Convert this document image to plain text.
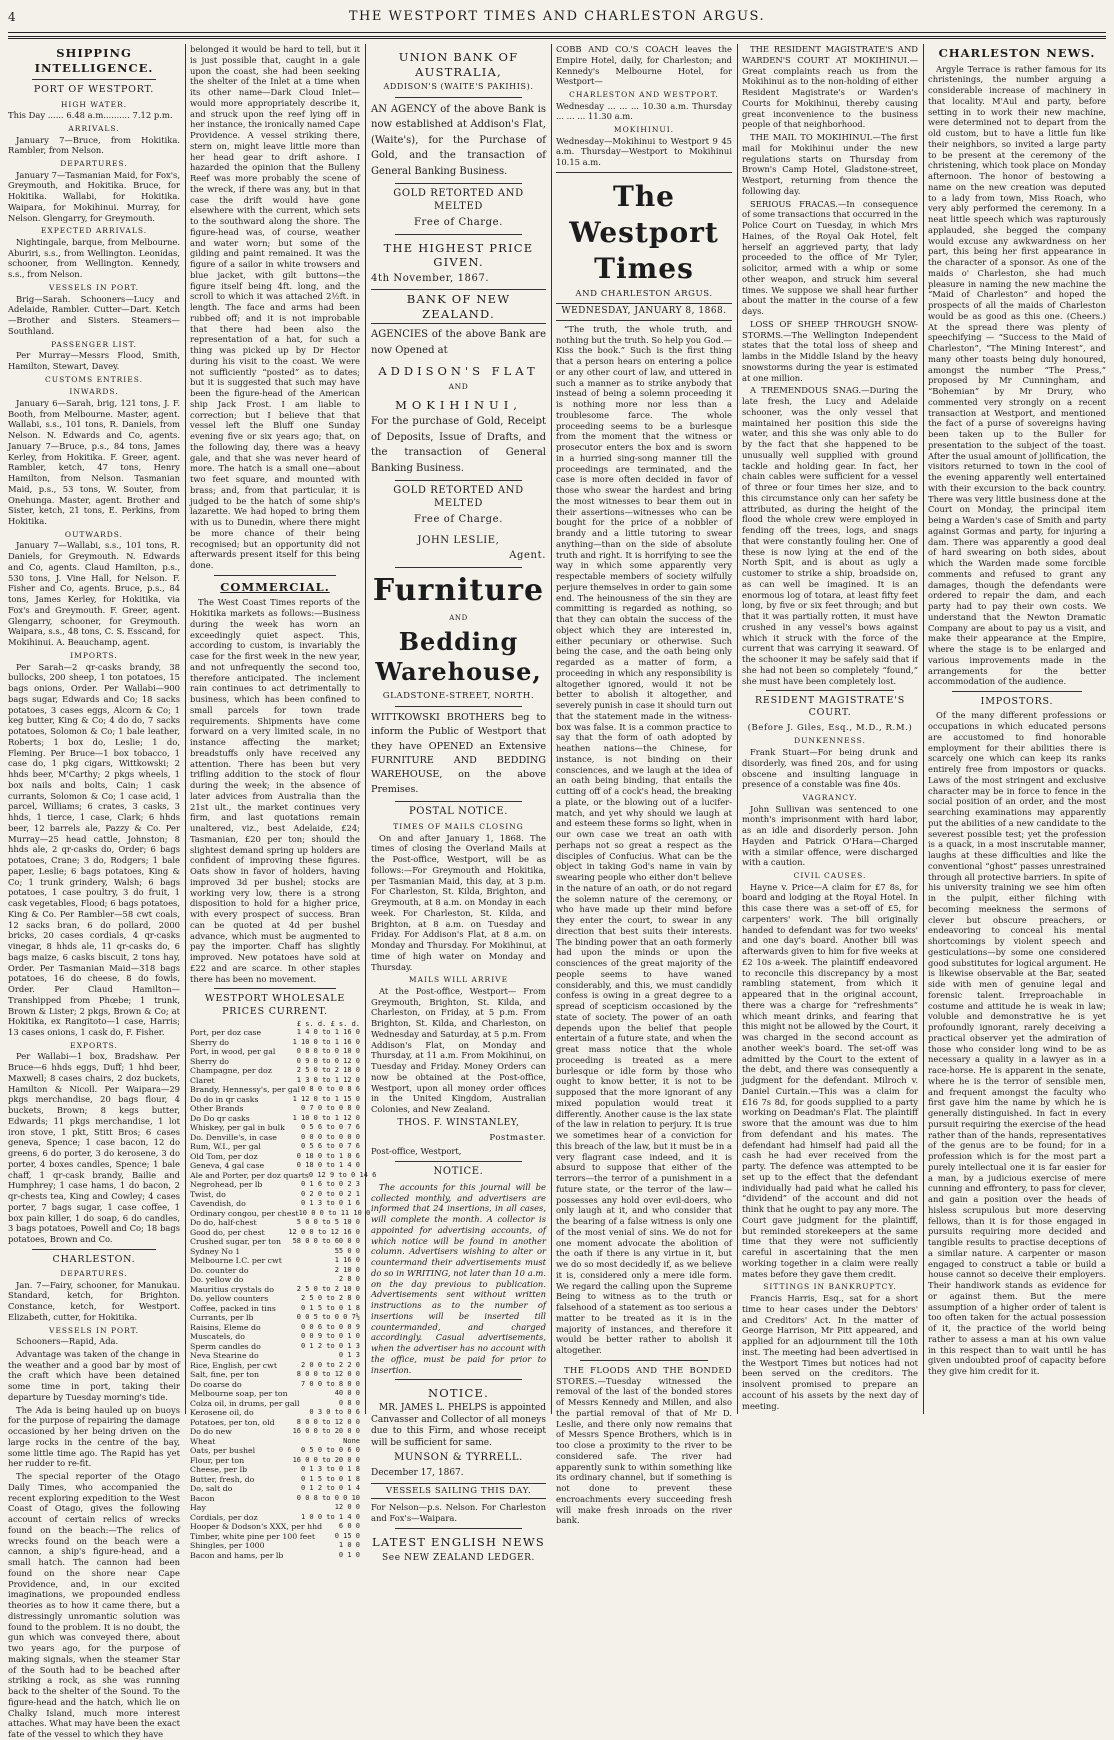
4	THE WESTPORT TIMES AND CHARLESTON ARGUS.
SHIPPING INTELLIGENCE.
PORT OF WESTPORT.
HIGH WATER.

This Day ...... 6.48 a.m.......... 7.12 p.m.

ARRIVALS.

January 7—Bruce, from Hokitika. Rambler, from Nelson.

DEPARTURES.

January 7—Tasmanian Maid, for Fox's, Greymouth, and Hokitika. Bruce, for Hokitika. Wallabi, for Hokitika. Waipara, for Mokihinui. Murray, for Nelson. Glengarry, for Greymouth.

EXPECTED ARRIVALS.

Nightingale, barque, from Melbourne. Aburiri, s.s., from Wellington. Leonidas, schooner, from Wellington. Kennedy, s.s., from Nelson.

VESSELS IN PORT.

Brig—Sarah. Schooners—Lucy and Adelaide, Rambler. Cutter—Dart. Ketch—Brother and Sisters. Steamers—Southland.

PASSENGER LIST.

Per Murray—Messrs Flood, Smith, Hamilton, Stewart, Davey.

CUSTOMS ENTRIES.
INWARDS.

January 6—Sarah, brig, 121 tons, J. F. Booth, from Melbourne. Master, agent. Wallabi, s.s., 101 tons, R. Daniels, from Nelson. N. Edwards and Co, agents. January 7—Bruce, p.s., 84 tons, James Kerley, from Hokitika. F. Greer, agent. Rambler, ketch, 47 tons, Henry Hamilton, from Nelson. Tasmanian Maid, p.s., 53 tons, W. Souter, from Onehunga. Master, agent. Brother and Sister, ketch, 21 tons, E. Perkins, from Hokitika.

OUTWARDS.

January 7—Wallabi, s.s., 101 tons, R. Daniels, for Greymouth. N. Edwards and Co, agents. Claud Hamilton, p.s., 530 tons, J. Vine Hall, for Nelson. F. Fisher and Co, agents. Bruce, p.s., 84 tons, James Kerley, for Hokitika, via Fox's and Greymouth. F. Greer, agent. Glengarry, schooner, for Greymouth. Waipara, s.s., 48 tons, C. S. Esscand, for Mokihinui. A. Beauchamp, agent.

IMPORTS.

Per Sarah—2 qr-casks brandy, 38 bullocks, 200 sheep, 1 ton potatoes, 15 bags onions, Order. Per Wallabi—900 bags sugar, Edwards and Co; 18 sacks potatoes, 3 cases eggs, Alcorn & Co; 1 keg butter, King & Co; 4 do do, 7 sacks potatoes, Solomon & Co; 1 bale leather, Roberts; 1 box do, Leslie; 1 do, Fleming. Per Bruce—1 box tobacco, 1 case do, 1 pkg cigars, Wittkowski; 2 hhds beer, M'Carthy; 2 pkgs wheels, 1 box nails and bolts, Cain; 1 cask currants, Solomon & Co; 1 case acid, 1 parcel, Williams; 6 crates, 3 casks, 3 hhds, 1 tierce, 1 case, Clark; 6 hhds beer, 12 barrels ale, Pazzy & Co. Per Murray—25 head cattle, Johnston; 8 hhds ale, 2 qr-casks do, Order; 6 bags potatoes, Crane; 3 do, Rodgers; 1 bale paper, Leslie; 6 bags potatoes, King & Co; 1 trunk grindery, Walsh; 6 bags potatoes, 1 case poultry, 3 do fruit, 1 cask vegetables, Flood; 6 bags potatoes, King & Co. Per Rambler—58 cwt coals, 12 sacks bran, 6 do pollard, 2000 bricks, 20 cases cordials, 4 qr-casks vinegar, 8 hhds ale, 11 qr-casks do, 6 bags maize, 6 casks biscuit, 2 tons hay, Order. Per Tasmanian Maid—318 bags potatoes, 16 do cheese, 8 do fowls, Order. Per Claud Hamilton—Transhipped from Phœbe; 1 trunk, Brown & Lister; 2 pkgs, Brown & Co; at Hokitika, ex Rangitoto—1 case, Harris; 13 cases onions, 1 cask do, F. Fisher.

EXPORTS.

Per Wallabi—1 box, Bradshaw. Per Bruce—6 hhds eggs, Duff; 1 hhd beer, Maxwell; 8 cases chairs, 2 doz buckets, Hamilton & Nicoll. Per Waipara—29 pkgs merchandise, 20 bags flour, 4 buckets, Brown; 8 kegs butter, Edwards; 11 pkgs merchandise, 1 lot iron stove, 1 pkt, Stitt Bros; 6 cases geneva, Spence; 1 case bacon, 12 do greens, 6 do porter, 3 do kerosene, 3 do porter, 4 boxes candles, Spence; 1 bale chaff, 1 qr-cask brandy, Bailie and Humphrey; 1 case hams, 1 do bacon, 2 qr-chests tea, King and Cowley; 4 cases porter, 7 bags sugar, 1 case coffee, 1 box pain killer, 1 do soap, 6 do candles, 3 bags potatoes, Powell and Co; 18 bags potatoes, Brown and Co.

CHARLESTON.
DEPARTURES.

Jan. 7—Fairy, schooner, for Manukau. Standard, ketch, for Brighton. Constance, ketch, for Westport. Elizabeth, cutter, for Hokitika.

VESSELS IN PORT.

Schooners—Rapid, Ada.

Advantage was taken of the change in the weather and a good bar by most of the craft which have been detained some time in port, taking their departure by Tuesday morning's tide.

The Ada is being hauled up on buoys for the purpose of repairing the damage occasioned by her being driven on the large rocks in the centre of the bay, some little time ago. The Rapid has yet her rudder to re-fit.

The special reporter of the Otago Daily Times, who accompanied the recent exploring expedition to the West Coast of Otago, gives the following account of certain relics of wrecks found on the beach:—The relics of wrecks found on the beach were a cannon, a ship's figure-head, and a small hatch. The cannon had been found on the shore near Cape Providence, and, in our excited imaginations, we propounded endless theories as to how it came there, but a distressingly unromantic solution was found to the problem. It is no doubt, the gun which was conveyed there, about two years ago, for the purpose of making signals, when the steamer Star of the South had to be beached after striking a rock, as she was running back to the shelter of the Sound. To the figure-head and the hatch, which lie on Chalky Island, much more interest attaches. What may have been the exact fate of the vessel to which they have

belonged it would be hard to tell, but it is just possible that, caught in a gale upon the coast, she had been seeking the shelter of the Inlet at a time when its other name—Dark Cloud Inlet—would more appropriately describe it, and struck upon the reef lying off in her instance, the ironically named Cape Providence. A vessel striking there, stern on, might leave little more than her head gear to drift ashore. I hazarded the opinion that the Bulleny Reef was more probably the scene of the wreck, if there was any, but in that case the drift would have gone elsewhere with the current, which sets to the southward along the shore. The figure-head was, of course, weather and water worn; but some of the gilding and paint remained. It was the figure of a sailor in white trowsers and blue jacket, with gilt buttons—the figure itself being 4ft. long, and the scroll to which it was attached 2½ft. in length. The face and arms had been rubbed off; and it is not improbable that there had been also the representation of a hat, for such a thing was picked up by Dr Hector during his visit to the coast. We were not sufficiently “posted” as to dates; but it is suggested that such may have been the figure-head of the American ship Jack Frost. I am liable to correction; but I believe that that vessel left the Bluff one Sunday evening five or six years ago; that, on the following day, there was a heavy gale, and that she was never heard of more. The hatch is a small one—about two feet square, and mounted with brass; and, from that particular, it is judged to be the hatch of some ship's lazarette. We had hoped to bring them with us to Dunedin, where there might be more chance of their being recognised; but an opportunity did not afterwards present itself for this being done.

COMMERCIAL.

The West Coast Times reports of the Hokitika markets as follows:—Business during the week has worn an exceedingly quiet aspect. This, according to custom, is invariably the case for the first week in the new year, and not unfrequently the second too, therefore anticipated. The inclement rain continues to act detrimentally to business, which has been confined to small parcels for town trade requirements. Shipments have come forward on a very limited scale, in no instance affecting the market; breadstuffs only have received any attention. There has been but very trifling addition to the stock of flour during the week; in the absence of later advices from Australia than the 21st ult., the market continues very firm, and last quotations remain unaltered, viz., best Adelaide, £24; Tasmanian, £20 per ton; should the slightest demand spring up holders are confident of improving these figures. Oats show in favor of holders, having improved 3d per bushel; stocks are working very low, there is a strong disposition to hold for a higher price, with every prospect of success. Bran can be quoted at 4d per bushel advance, which must be augmented to pay the importer. Chaff has slightly improved. New potatoes have sold at £22 and are scarce. In other staples there has been no movement.

WESTPORT WHOLESALE PRICES CURRENT.
£ s. d. £ s. d.
Port, per doz case	1 4 0 to 1 16 0
Sherry do	1 10 0 to 1 16 0
Port, in wood, per gal	0 8 0 to 0 10 0
Sherry do	0 9 0 to 0 12 0
Champagne, per doz	2 5 0 to 2 18 0
Claret	1 3 0 to 1 12 0
Brandy, Hennessy's, per gal 0 8 0 to 0 8 6
Do do in qr casks	1 12 0 to 1 15 0
Other Brands	0 7 0 to 0 8 0
Do Do qr casks	1 10 0 to 1 12 0
Whiskey, per gal in bulk	0 5 6 to 0 7 6
Do. Denville's, in case	0 0 0 to 0 0 0
Rum, W.I., per gal	0 5 6 to 0 7 6
Old Tom, per doz	0 18 0 to 1 0 6
Geneva, 4 gal case	0 18 0 to 1 4 0
Ale and Porter, per doz quarts 0 12 9 to 0 14 6
Negrohead, per lb	0 1 6 to 0 2 3
Twist, do	0 2 0 to 0 2 1
Cavendish, do	0 1 3 to 0 1 6
Ordinary congou, per chest 10 0 0 to 11 10 0
Do do, half-chest	5 0 0 to 5 10 0
Good do, per chest	12 0 0 to 12 16 0
Crushed sugar, per ton	58 0 0 to 60 0 0
Sydney No 1	55 0 0
Melbourne I.C. per cwt	1 16 0
Do. counter do	2 10 0
Do. yellow do	2 8 0
Mauritius crystals do	2 5 0 to 2 10 0
Do. yellow counters	2 5 0 to 2 8 0
Coffee, packed in tins	0 1 5 to 0 1 8
Currants, per lb	0 0 5 to 0 0 7½
Raisins, Eleme do	0 0 6 to 0 0 9
Muscatels, do	0 0 9 to 0 1 0
Sperm candles do	0 1 2 to 0 1 3
Neva Stearine do	0 1 3
Rice, English, per cwt	2 0 0 to 2 2 0
Salt, fine, per ton	8 0 0 to 12 0 0
Do coarse do	7 0 0 to 8 0 0
Melbourne soap, per ton	40 0 0
Colza oil, in drums, per gall	0 8 0
Kerosene oil, do	0 3 0 to 0 6
Potatoes, per ton, old	8 0 0 to 12 0 0
Do do new	16 0 0 to 20 0 0
Wheat	None
Oats, per bushel	0 5 0 to 0 6 0
Flour, per ton	16 0 0 to 20 0 0
Cheese, per lb	0 1 3 to 0 1 8
Butter, fresh, do	0 1 5 to 0 1 8
Do, salt do	0 1 2 to 0 1 4
Bacon	0 0 8 to 0 0 10
Hay	12 0 0
Cordials, per doz	1 0 0 to 1 4 0
Hooper & Dodson's XXX, per hhd	6 0 0
Timber, white pine per 100 feet	0 15 0
Shingles, per 1000	1 0 0
Bacon and hams, per lb	0 1 0
UNION BANK OF AUSTRALIA,
ADDISON'S (WAITE'S PAKIHIS).

AN AGENCY of the above Bank is now established at Addison's Flat, (Waite's), for the Purchase of Gold, and the transaction of General Banking Business.

GOLD RETORTED AND MELTED
Free of Charge.
THE HIGHEST PRICE GIVEN.
4th November, 1867.
BANK OF NEW ZEALAND.

AGENCIES of the above Bank are now Opened at

ADDISON'S FLAT
AND
MOKIHINUI,

For the purchase of Gold, Receipt of Deposits, Issue of Drafts, and the transaction of General Banking Business.

GOLD RETORTED AND MELTED
Free of Charge.
JOHN LESLIE,
Agent.
Furniture
AND
Bedding Warehouse,
GLADSTONE-STREET, NORTH.

WITTKOWSKI BROTHERS beg to inform the Public of Westport that they have OPENED an Extensive FURNITURE AND BEDDING WAREHOUSE, on the above Premises.

POSTAL NOTICE.
TIMES OF MAILS CLOSING

On and after January 1, 1868. The times of closing the Overland Mails at the Post-office, Westport, will be as follows:—For Greymouth and Hokitika, per Tasmanian Maid, this day, at 3 p.m. For Charleston, St. Kilda, Brighton, and Greymouth, at 8 a.m. on Monday in each week. For Charleston, St. Kilda, and Brighton, at 8 a.m. on Tuesday and Friday. For Addison's Flat, at 8 a.m. on Monday and Thursday. For Mokihinui, at time of high water on Monday and Thursday.

MAILS WILL ARRIVE

At the Post-office, Westport— From Greymouth, Brighton, St. Kilda, and Charleston, on Friday, at 5 p.m. From Brighton, St. Kilda, and Charleston, on Wednesday and Saturday, at 5 p.m. From Addison's Flat, on Monday and Thursday, at 11 a.m. From Mokihinui, on Tuesday and Friday. Money Orders can now be obtained at the Post-office, Westport, upon all money order offices in the United Kingdom, Australian Colonies, and New Zealand.

THOS. F. WINSTANLEY,
Postmaster.

Post-office, Westport,

NOTICE.

The accounts for this journal will be collected monthly, and advertisers are informed that 24 insertions, in all cases, will complete the month. A collector is appointed for advertising accounts, of which notice will be found in another column. Advertisers wishing to alter or countermand their advertisements must do so in WRITING, not later than 10 a.m. on the day previous to publication. Advertisements sent without written instructions as to the number of insertions will be inserted till countermanded, and charged accordingly. Casual advertisements, when the advertiser has no account with the office, must be paid for prior to insertion.

NOTICE.

MR. JAMES L. PHELPS is appointed Canvasser and Collector of all moneys due to this Firm, and whose receipt will be sufficient for same.

MUNSON & TYRRELL.

December 17, 1867.

VESSELS SAILING THIS DAY.

For Nelson—p.s. Nelson. For Charleston and Fox's—Waipara.

LATEST ENGLISH NEWS
See NEW ZEALAND LEDGER.

COBB AND CO.'S COACH leaves the Empire Hotel, daily, for Charleston; and Kennedy's Melbourne Hotel, for Westport—

CHARLESTON AND WESTPORT.

Wednesday ... ... ... 10.30 a.m. Thursday ... ... ... 11.30 a.m.

MOKIHINUI.

Wednesday—Mokihinui to Westport 9 45 a.m. Thursday—Westport to Mokihinui 10.15 a.m.

The Westport Times
AND CHARLESTON ARGUS.
WEDNESDAY, JANUARY 8, 1868.

“The truth, the whole truth, and nothing but the truth. So help you God.—Kiss the book.” Such is the first thing that a person hears on entering a police or any other court of law, and uttered in such a manner as to strike anybody that instead of being a solemn proceeding it is nothing more nor less than a troublesome farce. The whole proceeding seems to be a burlesque from the moment that the witness or prosecutor enters the box and is sworn in a hurried sing-song manner till the proceedings are terminated, and the case is more often decided in favor of those who swear the hardest and bring the most witnesses to bear them out in their assertions—witnesses who can be bought for the price of a nobbler of brandy and a little tutoring to swear anything—than on the side of absolute truth and right. It is horrifying to see the way in which some apparently very respectable members of society wilfully perjure themselves in order to gain some end. The heinousness of the sin they are committing is regarded as nothing, so that they can obtain the success of the object which they are interested in, either pecuniary or otherwise. Such being the case, and the oath being only regarded as a matter of form, a proceeding in which any responsibility is altogether ignored, would it not be better to abolish it altogether, and severely punish in case it should turn out that the statement made in the witness-box was false. It is a common practice to say that the form of oath adopted by heathen nations—the Chinese, for instance, is not binding on their consciences, and we laugh at the idea of an oath being binding, that entails the cutting off of a cock's head, the breaking a plate, or the blowing out of a lucifer-match, and yet why should we laugh at and esteem these forms so light, when in our own case we treat an oath with perhaps not so great a respect as the disciples of Confucius. What can be the object in taking God's name in vain by swearing people who either don't believe in the nature of an oath, or do not regard the solemn nature of the ceremony, or who have made up their mind before they enter the court, to swear in any direction that best suits their interests. The binding power that an oath formerly had upon the minds or upon the consciences of the great majority of the people seems to have waned considerably, and this, we must candidly confess is owing in a great degree to a spread of scepticism occasioned by the state of society. The power of an oath depends upon the belief that people entertain of a future state, and when the great mass notice that the whole proceeding is treated as a mere burlesque or idle form by those who ought to know better, it is not to be supposed that the more ignorant of any mixed population would treat it differently. Another cause is the lax state of the law in relation to perjury. It is true we sometimes hear of a conviction for this breach of the law, but it must be in a very flagrant case indeed, and it is absurd to suppose that either of the terrors—the terror of a punishment in a future state, or the terror of the law—possesses any hold over evil-doers, who only laugh at it, and who consider that the bearing of a false witness is only one of the most venial of sins. We do not for one moment advocate the abolition of the oath if there is any virtue in it, but we do so most decidedly if, as we believe it is, considered only a mere idle form. We regard the calling upon the Supreme Being to witness as to the truth or falsehood of a statement as too serious a matter to be treated as it is in the majority of instances, and therefore it would be better rather to abolish it altogether.

THE FLOODS AND THE BONDED STORES.—Tuesday witnessed the removal of the last of the bonded stores of Messrs Kennedy and Millen, and also the partial removal of that of Mr D. Leslie, and there only now remains that of Messrs Spence Brothers, which is in too close a proximity to the river to be considered safe. The river had apparently sunk to within something like its ordinary channel, but if something is not done to prevent these encroachments every succeeding fresh will make fresh inroads on the river bank.

THE RESIDENT MAGISTRATE'S AND WARDEN'S COURT AT MOKIHINUI.—Great complaints reach us from the Mokihinui as to the non-holding of either Resident Magistrate's or Warden's Courts for Mokihinui, thereby causing great inconvenience to the business people of that neighborhood.

THE MAIL TO MOKIHINUI.—The first mail for Mokihinui under the new regulations starts on Thursday from Brown's Camp Hotel, Gladstone-street, Westport, returning from thence the following day.

SERIOUS FRACAS.—In consequence of some transactions that occurred in the Police Court on Tuesday, in which Mrs Haines, of the Royal Oak Hotel, felt herself an aggrieved party, that lady proceeded to the office of Mr Tyler, solicitor, armed with a whip or some other weapon, and struck him several times. We suppose we shall hear further about the matter in the course of a few days.

LOSS OF SHEEP THROUGH SNOW-STORMS.—The Wellington Independent states that the total loss of sheep and lambs in the Middle Island by the heavy snowstorms during the year is estimated at one million.

A TREMENDOUS SNAG.—During the late fresh, the Lucy and Adelaide schooner, was the only vessel that maintained her position this side the water, and this she was only able to do by the fact that she happened to be unusually well supplied with ground tackle and holding gear. In fact, her chain cables were sufficient for a vessel of three or four times her size, and to this circumstance only can her safety be attributed, as during the height of the flood the whole crew were employed in fending off the trees, logs, and snags that were constantly fouling her. One of these is now lying at the end of the North Spit, and is about as ugly a customer to strike a ship, broadside on, as can well be imagined. It is an enormous log of totara, at least fifty feet long, by five or six feet through; and but that it was partially rotten, it must have crushed in any vessel's bows against which it struck with the force of the current that was carrying it seaward. Of the schooner it may be safely said that if she had not been so completely “found,” she must have been completely lost.

RESIDENT MAGISTRATE'S COURT.
(Before J. Giles, Esq., M.D., R.M.)
DUNKENNESS.

Frank Stuart—For being drunk and disorderly, was fined 20s, and for using obscene and insulting language in presence of a constable was fine 40s.

VAGRANCY.

John Sullivan was sentenced to one month's imprisonment with hard labor, as an idle and disorderly person. John Hayden and Patrick O'Hara—Charged with a similar offence, were discharged with a caution.

CIVIL CAUSES.

Hayne v. Price—A claim for £7 8s, for board and lodging at the Royal Hotel. In this case there was a set-off of £5, for carpenters' work. The bill originally handed to defendant was for two weeks' and one day's board. Another bill was afterwards given to him for five weeks at £2 10s a-week. The plaintiff endeavored to reconcile this discrepancy by a most rambling statement, from which it appeared that in the original account, there was a charge for “refreshments” which meant drinks, and fearing that this might not be allowed by the Court, it was charged in the second account as another week's board. The set-off was admitted by the Court to the extent of the debt, and there was consequently a judgment for the defendant. Milroch v. Daniel Curtain.—This was a claim for £16 7s 8d, for goods supplied to a party working on Deadman's Flat. The plaintiff swore that the amount was due to him from defendant and his mates. The defendant had himself had paid all the cash he had ever received from the party. The defence was attempted to be set up to the effect that the defendant individually had paid what he called his “dividend” of the account and did not think that he ought to pay any more. The Court gave judgment for the plaintiff, but reminded storekeepers at the same time that they were not sufficiently careful in ascertaining that the men working together in a claim were really mates before they gave them credit.

SITTINGS IN BANKRUPTCY.

Francis Harris, Esq., sat for a short time to hear cases under the Debtors' and Creditors' Act. In the matter of George Harrison, Mr Pitt appeared, and applied for an adjournment till the 10th inst. The meeting had been advertised in the Westport Times but notices had not been served on the creditors. The insolvent promised to prepare an account of his assets by the next day of meeting.

CHARLESTON NEWS.

Argyle Terrace is rather famous for its christenings, the number arguing a considerable increase of machinery in that locality. M'Aul and party, before setting in to work their new machine, were determined not to depart from the old custom, but to have a little fun like their neighbors, so invited a large party to be present at the ceremony of the christening, which took place on Monday afternoon. The honor of bestowing a name on the new creation was deputed to a lady from town, Miss Roach, who very ably performed the ceremony. In a neat little speech which was rapturously applauded, she begged the company would excuse any awkwardness on her part, this being her first appearance in the character of a sponsor. As one of the maids o' Charleston, she had much pleasure in naming the new machine the “Maid of Charleston” and hoped the prospects of all the maids of Charleston would be as good as this one. (Cheers.) At the spread there was plenty of speechifying — “Success to the Maid of Charleston”, “The Mining Interest”, and many other toasts being duly honoured, amongst the number “The Press,” proposed by Mr Cunningham, and “Bohemian” by Mr Drury, who commented very strongly on a recent transaction at Westport, and mentioned the fact of a purse of sovereigns having been taken up to the Buller for presentation to the subject of the toast. After the usual amount of jollification, the visitors returned to town in the cool of the evening apparently well entertained with their excursion to the back country. There was very little business done at the Court on Monday, the principal item being a Warden's case of Smith and party against Gormas and party, for injuring a dam. There was apparently a good deal of hard swearing on both sides, about which the Warden made some forcible comments and refused to grant any damages, though the defendants were ordered to repair the dam, and each party had to pay their own costs. We understand that the Newton Dramatic Company are about to pay us a visit, and make their appearance at the Empire, where the stage is to be enlarged and various improvements made in the arrangements for the better accommodation of the audience.

IMPOSTORS.

Of the many different professions or occupations in which educated persons are accustomed to find honorable employment for their abilities there is scarcely one which can keep its ranks entirely free from impostors or quacks. Laws of the most stringent and exclusive character may be in force to fence in the social position of an order, and the most searching examinations may apparently put the abilities of a new candidate to the severest possible test; yet the profession is a quack, in a most inscrutable manner, laughs at these difficulties and like the conventional “ghost” passes unrestrained through all protective barriers. In spite of his university training we see him often in the pulpit, either filching with becoming meekness the sermons of clever but obscure preachers, or endeavoring to conceal his mental shortcomings by violent speech and gesticulations—by some one considered good substitutes for logical argument. He is likewise observable at the Bar, seated side with men of genuine legal and forensic talent. Irreproachable in costume and attitude he is weak in law; voluble and demonstrative he is yet profoundly ignorant, rarely deceiving a practical observer yet the admiration of those who consider long wind to be as necessary a quality in a lawyer as in a race-horse. He is apparent in the senate, where he is the terror of sensible men, and frequent amongst the faculty who first gave him the name by which he is generally distinguished. In fact in every pursuit requiring the exercise of the head rather than of the hands, representatives of the genus are to be found; for in a profession which is for the most part a purely intellectual one it is far easier for a man, by a judicious exercise of mere cunning and effrontery, to pass for clever, and gain a position over the heads of hisless scrupulous but more deserving fellows, than it is for those engaged in pursuits requiring more decided and tangible results to practise deceptions of a similar nature. A carpenter or mason engaged to construct a table or build a house cannot so deceive their employers. Their handiwork stands as evidence for or against them. But the mere assumption of a higher order of talent is too often taken for the actual possession of it, the practice of the world being rather to assess a man at his own value in this respect than to wait until he has given undoubted proof of capacity before they give him credit for it.
